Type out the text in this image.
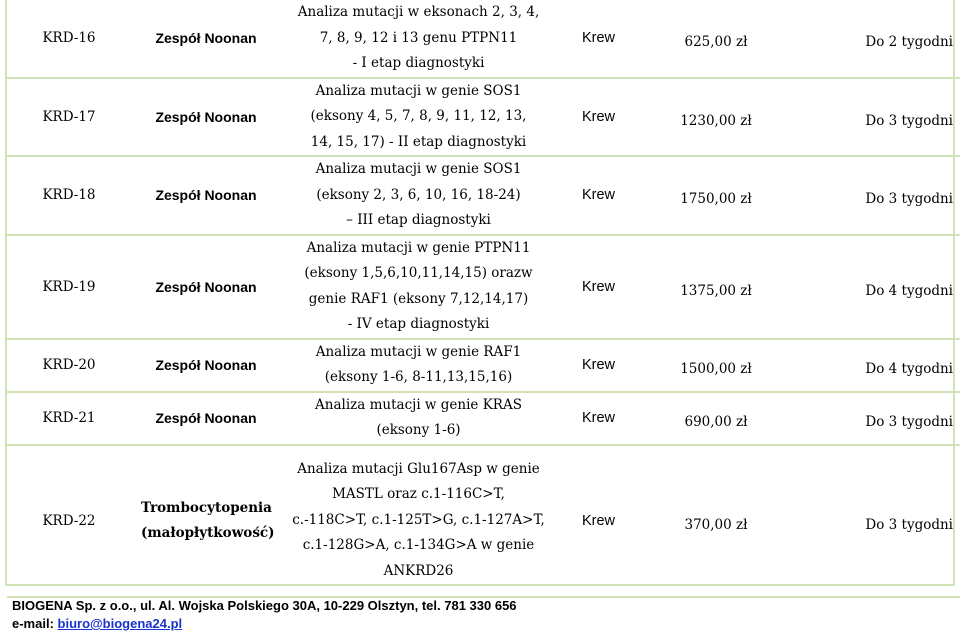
KRD-16	Zespół Noonan	Analiza mutacji w eksonach 2, 3, 4,
7, 8, 9, 12 i 13 genu PTPN11
- I etap diagnostyki	Krew	625,00 zł	Do 2 tygodni
KRD-17	Zespół Noonan	Analiza mutacji w genie SOS1
(eksony 4, 5, 7, 8, 9, 11, 12, 13,
14, 15, 17) - II etap diagnostyki	Krew	1230,00 zł	Do 3 tygodni
KRD-18	Zespół Noonan	Analiza mutacji w genie SOS1
(eksony 2, 3, 6, 10, 16, 18-24)
– III etap diagnostyki	Krew	1750,00 zł	Do 3 tygodni
KRD-19	Zespół Noonan	Analiza mutacji w genie PTPN11
(eksony 1,5,6,10,11,14,15) orazw
genie RAF1 (eksony 7,12,14,17)
- IV etap diagnostyki	Krew	1375,00 zł	Do 4 tygodni
KRD-20	Zespół Noonan	Analiza mutacji w genie RAF1
(eksony 1-6, 8-11,13,15,16)	Krew	1500,00 zł	Do 4 tygodni
KRD-21	Zespół Noonan	Analiza mutacji w genie KRAS
(eksony 1-6)	Krew	690,00 zł	Do 3 tygodni
KRD-22	Trombocytopenia (małopłytkowość)	Analiza mutacji Glu167Asp w genie
MASTL oraz c.1-116C>T,
c.-118C>T, c.1-125T>G, c.1-127A>T,
c.1-128G>A, c.1-134G>A w genie
ANKRD26	Krew	370,00 zł	Do 3 tygodni
BIOGENA Sp. z o.o., ul. Al. Wojska Polskiego 30A, 10-229 Olsztyn, tel. 781 330 656
e-mail: biuro@biogena24.pl
